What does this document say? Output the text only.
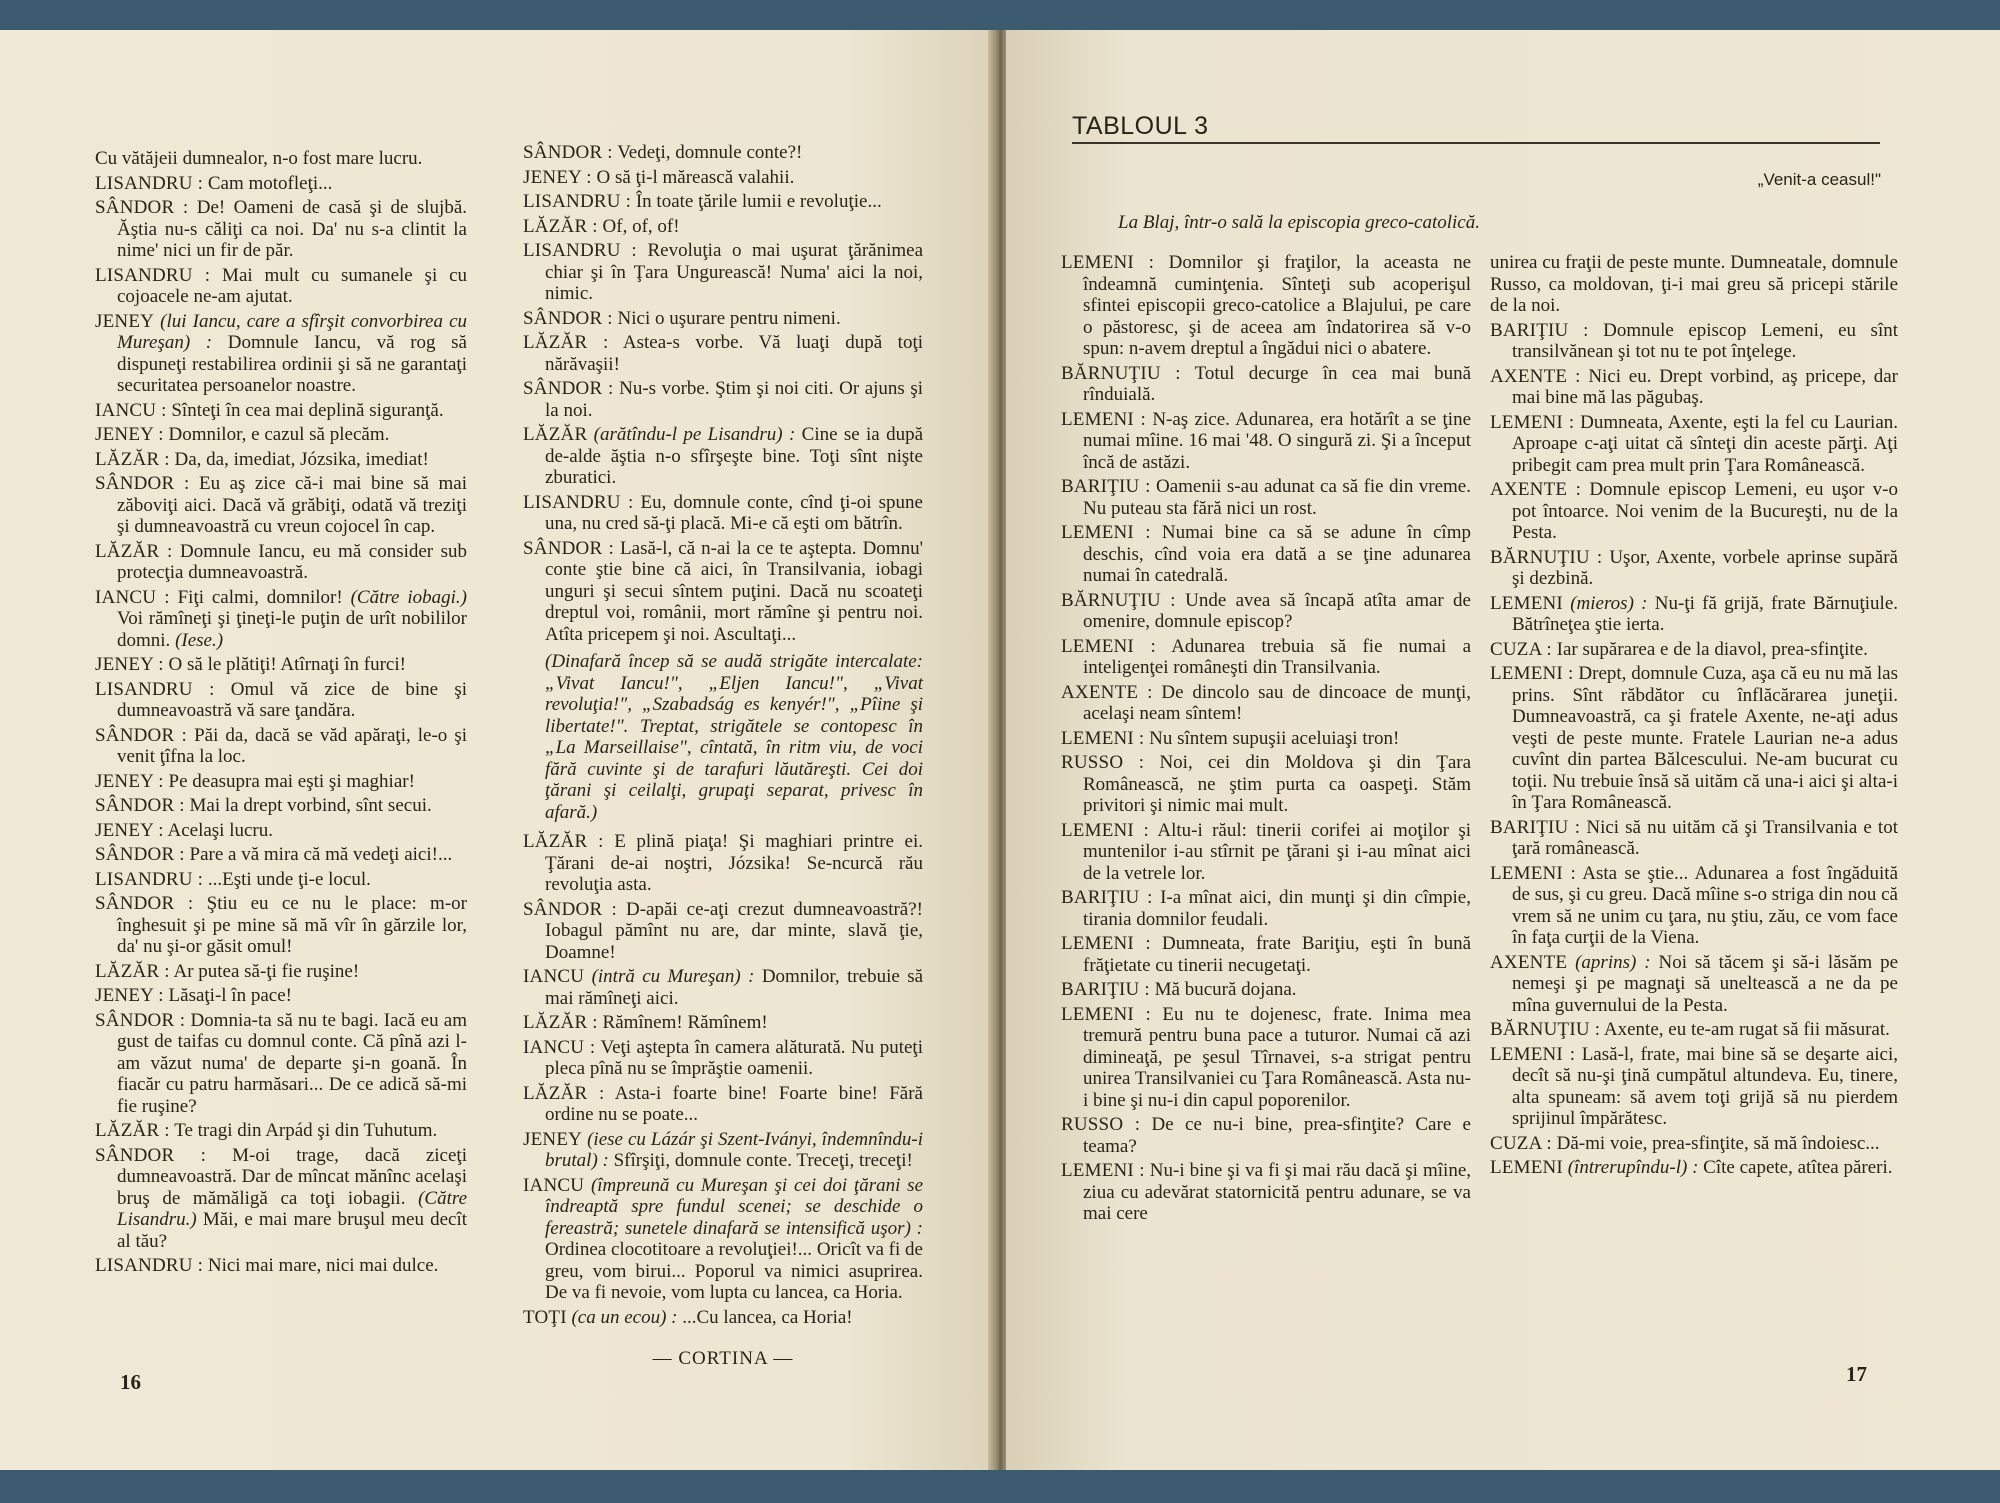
Cu vătăjeii dumnealor, n-o fost mare lucru.

LISANDRU : Cam motofleţi...

SÂNDOR : De! Oameni de casă şi de slujbă. Ăştia nu-s căliţi ca noi. Da' nu s-a clintit la nime' nici un fir de păr.

LISANDRU : Mai mult cu sumanele şi cu cojoacele ne-am ajutat.

JENEY (lui Iancu, care a sfîrşit convorbirea cu Mureşan) : Domnule Iancu, vă rog să dispuneţi restabilirea ordinii şi să ne garantaţi securitatea persoanelor noastre.

IANCU : Sînteţi în cea mai deplină siguranţă.

JENEY : Domnilor, e cazul să plecăm.

LĂZĂR : Da, da, imediat, Józsika, imediat!

SÂNDOR : Eu aş zice că-i mai bine să mai zăboviţi aici. Dacă vă grăbiţi, odată vă treziţi şi dumneavoastră cu vreun cojocel în cap.

LĂZĂR : Domnule Iancu, eu mă consider sub protecţia dumneavoastră.

IANCU : Fiţi calmi, domnilor! (Către iobagi.) Voi rămîneţi şi ţineţi-le puţin de urît nobililor domni. (Iese.)

JENEY : O să le plătiţi! Atîrnaţi în furci!

LISANDRU : Omul vă zice de bine şi dumneavoastră vă sare ţandăra.

SÂNDOR : Păi da, dacă se văd apăraţi, le-o şi venit ţîfna la loc.

JENEY : Pe deasupra mai eşti şi maghiar!

SÂNDOR : Mai la drept vorbind, sînt secui.

JENEY : Acelaşi lucru.

SÂNDOR : Pare a vă mira că mă vedeţi aici!...

LISANDRU : ...Eşti unde ţi-e locul.

SÂNDOR : Ştiu eu ce nu le place: m-or înghesuit şi pe mine să mă vîr în gărzile lor, da' nu şi-or găsit omul!

LĂZĂR : Ar putea să-ţi fie ruşine!

JENEY : Lăsaţi-l în pace!

SÂNDOR : Domnia-ta să nu te bagi. Iacă eu am gust de taifas cu domnul conte. Că pînă azi l-am văzut numa' de departe şi-n goană. În fiacăr cu patru harmăsari... De ce adică să-mi fie ruşine?

LĂZĂR : Te tragi din Arpád şi din Tuhutum.

SÂNDOR : M-oi trage, dacă ziceţi dumneavoastră. Dar de mîncat mănînc acelaşi bruş de mămăligă ca toţi iobagii. (Către Lisandru.) Măi, e mai mare bruşul meu decît al tău?

LISANDRU : Nici mai mare, nici mai dulce.

SÂNDOR : Vedeţi, domnule conte?!

JENEY : O să ţi-l mărească valahii.

LISANDRU : În toate ţările lumii e revoluţie...

LĂZĂR : Of, of, of!

LISANDRU : Revoluţia o mai uşurat ţărănimea chiar şi în Ţara Ungurească! Numa' aici la noi, nimic.

SÂNDOR : Nici o uşurare pentru nimeni.

LĂZĂR : Astea-s vorbe. Vă luaţi după toţi nărăvaşii!

SÂNDOR : Nu-s vorbe. Ştim şi noi citi. Or ajuns şi la noi.

LĂZĂR (arătîndu-l pe Lisandru) : Cine se ia după de-alde ăştia n-o sfîrşeşte bine. Toţi sînt nişte zburatici.

LISANDRU : Eu, domnule conte, cînd ţi-oi spune una, nu cred să-ţi placă. Mi-e că eşti om bătrîn.

SÂNDOR : Lasă-l, că n-ai la ce te aştepta. Domnu' conte ştie bine că aici, în Transilvania, iobagi unguri şi secui sîntem puţini. Dacă nu scoateţi dreptul voi, românii, mort rămîne şi pentru noi. Atîta pricepem şi noi. Ascultaţi...

(Dinafară încep să se audă strigăte intercalate: „Vivat Iancu!", „Eljen Iancu!", „Vivat revoluţia!", „Szabadság es kenyér!", „Pîine şi libertate!". Treptat, strigătele se contopesc în „La Marseillaise", cîntată, în ritm viu, de voci fără cuvinte şi de tarafuri lăutăreşti. Cei doi ţărani şi ceilalţi, grupaţi separat, privesc în afară.)

LĂZĂR : E plină piaţa! Şi maghiari printre ei. Ţărani de-ai noştri, Józsika! Se-ncurcă rău revoluţia asta.

SÂNDOR : D-apăi ce-aţi crezut dumneavoastră?! Iobagul pămînt nu are, dar minte, slavă ţie, Doamne!

IANCU (intră cu Mureşan) : Domnilor, trebuie să mai rămîneţi aici.

LĂZĂR : Rămînem! Rămînem!

IANCU : Veţi aştepta în camera alăturată. Nu puteţi pleca pînă nu se împrăştie oamenii.

LĂZĂR : Asta-i foarte bine! Foarte bine! Fără ordine nu se poate...

JENEY (iese cu Lázár şi Szent-Iványi, îndemnîndu-i brutal) : Sfîrşiţi, domnule conte. Treceţi, treceţi!

IANCU (împreună cu Mureşan şi cei doi ţărani se îndreaptă spre fundul scenei; se deschide o fereastră; sunetele dinafară se intensifică uşor) : Ordinea clocotitoare a revoluţiei!... Oricît va fi de greu, vom birui... Poporul va nimici asuprirea. De va fi nevoie, vom lupta cu lancea, ca Horia.

TOŢI (ca un ecou) : ...Cu lancea, ca Horia!

— CORTINA —

16
TABLOUL 3
„Venit-a ceasul!"
La Blaj, într-o sală la episcopia greco-catolică.

LEMENI : Domnilor şi fraţilor, la aceasta ne îndeamnă cuminţenia. Sînteţi sub acoperişul sfintei episcopii greco-catolice a Blajului, pe care o păstoresc, şi de aceea am îndatorirea să v-o spun: n-avem dreptul a îngădui nici o abatere.

BĂRNUŢIU : Totul decurge în cea mai bună rînduială.

LEMENI : N-aş zice. Adunarea, era hotărît a se ţine numai mîine. 16 mai '48. O singură zi. Şi a început încă de astăzi.

BARIŢIU : Oamenii s-au adunat ca să fie din vreme. Nu puteau sta fără nici un rost.

LEMENI : Numai bine ca să se adune în cîmp deschis, cînd voia era dată a se ţine adunarea numai în catedrală.

BĂRNUŢIU : Unde avea să încapă atîta amar de omenire, domnule episcop?

LEMENI : Adunarea trebuia să fie numai a inteligenţei româneşti din Transilvania.

AXENTE : De dincolo sau de dincoace de munţi, acelaşi neam sîntem!

LEMENI : Nu sîntem supuşii aceluiaşi tron!

RUSSO : Noi, cei din Moldova şi din Ţara Românească, ne ştim purta ca oaspeţi. Stăm privitori şi nimic mai mult.

LEMENI : Altu-i răul: tinerii corifei ai moţilor şi muntenilor i-au stîrnit pe ţărani şi i-au mînat aici de la vetrele lor.

BARIŢIU : I-a mînat aici, din munţi şi din cîmpie, tirania domnilor feudali.

LEMENI : Dumneata, frate Bariţiu, eşti în bună frăţietate cu tinerii necugetaţi.

BARIŢIU : Mă bucură dojana.

LEMENI : Eu nu te dojenesc, frate. Inima mea tremură pentru buna pace a tuturor. Numai că azi dimineaţă, pe şesul Tîrnavei, s-a strigat pentru unirea Transilvaniei cu Ţara Românească. Asta nu-i bine şi nu-i din capul poporenilor.

RUSSO : De ce nu-i bine, prea-sfinţite? Care e teama?

LEMENI : Nu-i bine şi va fi şi mai rău dacă şi mîine, ziua cu adevărat statornicită pentru adunare, se va mai cere

unirea cu fraţii de peste munte. Dumneatale, domnule Russo, ca moldovan, ţi-i mai greu să pricepi stările de la noi.

BARIŢIU : Domnule episcop Lemeni, eu sînt transilvănean şi tot nu te pot înţelege.

AXENTE : Nici eu. Drept vorbind, aş pricepe, dar mai bine mă las păgubaş.

LEMENI : Dumneata, Axente, eşti la fel cu Laurian. Aproape c-aţi uitat că sînteţi din aceste părţi. Aţi pribegit cam prea mult prin Ţara Românească.

AXENTE : Domnule episcop Lemeni, eu uşor v-o pot întoarce. Noi venim de la Bucureşti, nu de la Pesta.

BĂRNUŢIU : Uşor, Axente, vorbele aprinse supără şi dezbină.

LEMENI (mieros) : Nu-ţi fă grijă, frate Bărnuţiule. Bătrîneţea ştie ierta.

CUZA : Iar supărarea e de la diavol, prea-sfinţite.

LEMENI : Drept, domnule Cuza, aşa că eu nu mă las prins. Sînt răbdător cu înflăcărarea juneţii. Dumneavoastră, ca şi fratele Axente, ne-aţi adus veşti de peste munte. Fratele Laurian ne-a adus cuvînt din partea Bălcescului. Ne-am bucurat cu toţii. Nu trebuie însă să uităm că una-i aici şi alta-i în Ţara Românească.

BARIŢIU : Nici să nu uităm că şi Transilvania e tot ţară românească.

LEMENI : Asta se ştie... Adunarea a fost îngăduită de sus, şi cu greu. Dacă mîine s-o striga din nou că vrem să ne unim cu ţara, nu ştiu, zău, ce vom face în faţa curţii de la Viena.

AXENTE (aprins) : Noi să tăcem şi să-i lăsăm pe nemeşi şi pe magnaţi să uneltească a ne da pe mîna guvernului de la Pesta.

BĂRNUŢIU : Axente, eu te-am rugat să fii măsurat.

LEMENI : Lasă-l, frate, mai bine să se deşarte aici, decît să nu-şi ţină cumpătul altundeva. Eu, tinere, alta spuneam: să avem toţi grijă să nu pierdem sprijinul împărătesc.

CUZA : Dă-mi voie, prea-sfinţite, să mă îndoiesc...

LEMENI (întrerupîndu-l) : Cîte capete, atîtea păreri.

17
